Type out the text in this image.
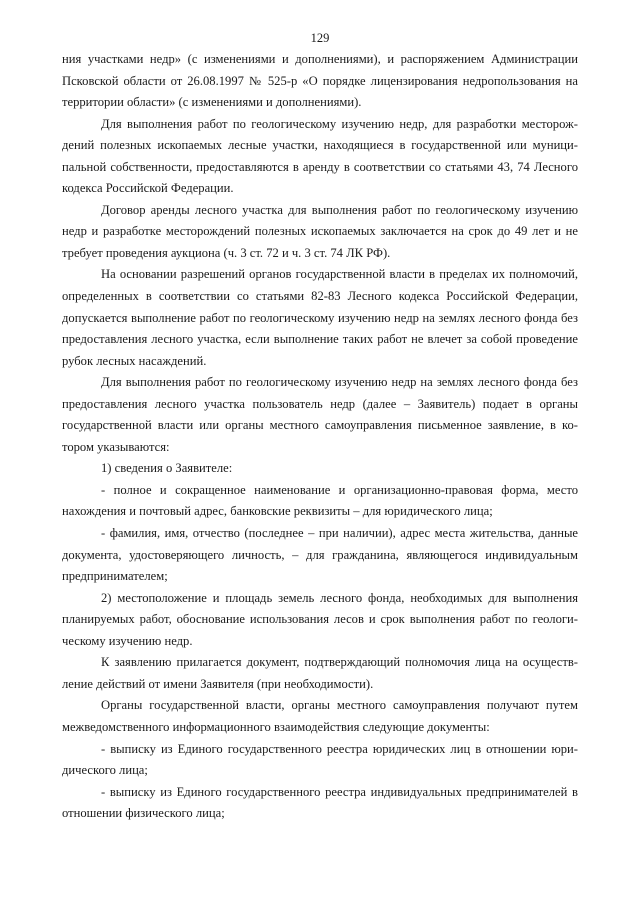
129

ния участками недр» (с изменениями и дополнениями), и распоряжением Администрации Псковской области от 26.08.1997 № 525-р «О порядке лицензирования недропользования на территории области» (с изменениями и дополнениями).

Для выполнения работ по геологическому изучению недр, для разработки месторождений полезных ископаемых лесные участки, находящиеся в государственной или муниципальной собственности, предоставляются в аренду в соответствии со статьями 43, 74 Лесного кодекса Российской Федерации.

Договор аренды лесного участка для выполнения работ по геологическому изучению недр и разработке месторождений полезных ископаемых заключается на срок до 49 лет и не требует проведения аукциона (ч. 3 ст. 72 и ч. 3 ст. 74 ЛК РФ).

На основании разрешений органов государственной власти в пределах их полномочий, определенных в соответствии со статьями 82-83 Лесного кодекса Российской Федерации, допускается выполнение работ по геологическому изучению недр на землях лесного фонда без предоставления лесного участка, если выполнение таких работ не влечет за собой проведение рубок лесных насаждений.

Для выполнения работ по геологическому изучению недр на землях лесного фонда без предоставления лесного участка пользователь недр (далее – Заявитель) подает в органы государственной власти или органы местного самоуправления письменное заявление, в котором указываются:

1) сведения о Заявителе:

- полное и сокращенное наименование и организационно-правовая форма, место нахождения и почтовый адрес, банковские реквизиты – для юридического лица;

- фамилия, имя, отчество (последнее – при наличии), адрес места жительства, данные документа, удостоверяющего личность, – для гражданина, являющегося индивидуальным предпринимателем;

2) местоположение и площадь земель лесного фонда, необходимых для выполнения планируемых работ, обоснование использования лесов и срок выполнения работ по геологическому изучению недр.

К заявлению прилагается документ, подтверждающий полномочия лица на осуществление действий от имени Заявителя (при необходимости).

Органы государственной власти, органы местного самоуправления получают путем межведомственного информационного взаимодействия следующие документы:

- выписку из Единого государственного реестра юридических лиц в отношении юридического лица;

- выписку из Единого государственного реестра индивидуальных предпринимателей в отношении физического лица;
